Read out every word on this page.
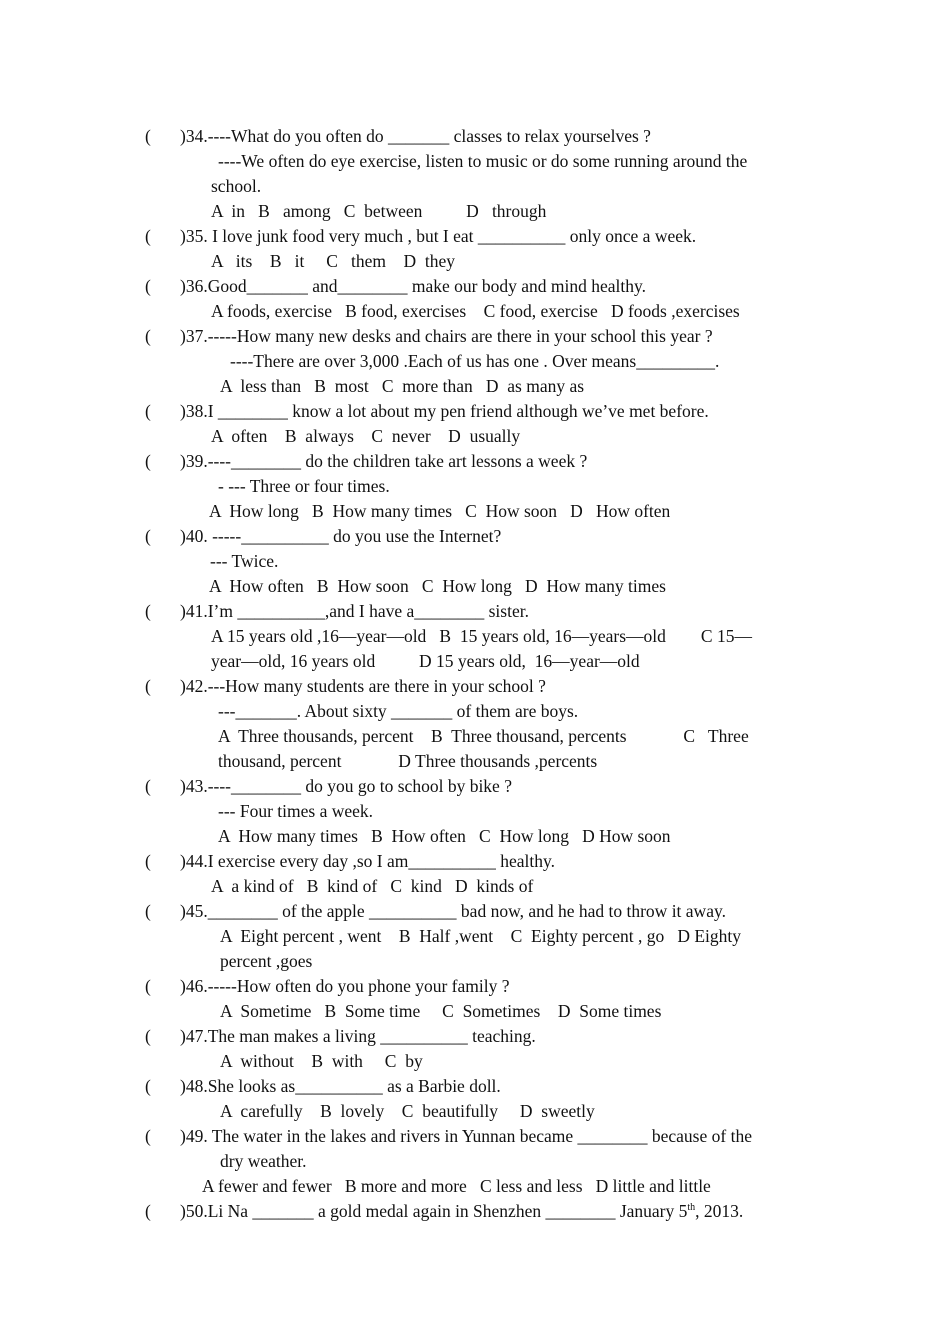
(

)34.----What do you often do _______ classes to relax yourselves ?

----We often do eye exercise, listen to music or do some running around the
school.
A  in   B   among   C  between          D   through

(

)35. I love junk food very much , but I eat __________ only once a week.

A   its    B   it     C   them    D  they

(

)36.Good_______ and________ make our body and mind healthy.

A foods, exercise   B food, exercises    C food, exercise   D foods ,exercises

(

)37.-----How many new desks and chairs are there in your school this year ?

----There are over 3,000 .Each of us has one . Over means_________.
A  less than   B  most   C  more than   D  as many as

(

)38.I ________ know a lot about my pen friend although we’ve met before.

A  often    B  always    C  never    D  usually

(

)39.----________ do the children take art lessons a week ?

- --- Three or four times.
A  How long   B  How many times   C  How soon   D   How often

(

)40. -----__________ do you use the Internet?

--- Twice.
A  How often   B  How soon   C  How long   D  How many times

(

)41.I’m __________,and I have a________ sister.

A 15 years old ,16—year—old   B  15 years old, 16—years—old        C 15—
year—old, 16 years old          D 15 years old,  16—year—old

(

)42.---How many students are there in your school ?

---_______. About sixty _______ of them are boys.
A  Three thousands, percent    B  Three thousand, percents             C   Three
thousand, percent             D Three thousands ,percents

(

)43.----________ do you go to school by bike ?

--- Four times a week.
A  How many times   B  How often   C  How long   D How soon

(

)44.I exercise every day ,so I am__________ healthy.

A  a kind of   B  kind of   C  kind   D  kinds of

(

)45.________ of the apple __________ bad now, and he had to throw it away.

A  Eight percent , went    B  Half ,went    C  Eighty percent , go   D Eighty
percent ,goes

(

)46.-----How often do you phone your family ?

A  Sometime   B  Some time     C  Sometimes    D  Some times

(

)47.The man makes a living __________ teaching.

A  without    B  with     C  by

(

)48.She looks as__________ as a Barbie doll.

A  carefully    B  lovely    C  beautifully     D  sweetly

(

)49. The water in the lakes and rivers in Yunnan became ________ because of the

dry weather.
A fewer and fewer   B more and more   C less and less   D little and little

(

)50.Li Na _______ a gold medal again in Shenzhen ________ January 5th, 2013.
